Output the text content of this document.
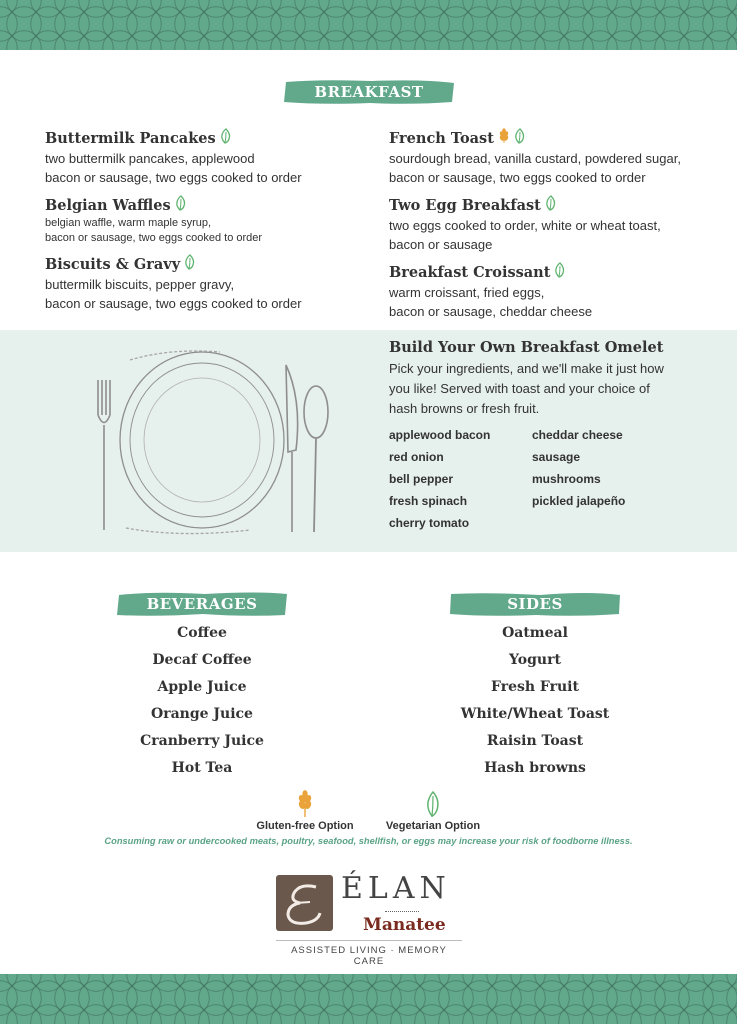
BREAKFAST
Buttermilk Pancakes
two buttermilk pancakes, applewood
bacon or sausage, two eggs cooked to order
Belgian Waffles
belgian waffle, warm maple syrup,
bacon or sausage, two eggs cooked to order
Biscuits & Gravy
buttermilk biscuits, pepper gravy,
bacon or sausage, two eggs cooked to order
French Toast
sourdough bread, vanilla custard, powdered sugar,
bacon or sausage, two eggs cooked to order
Two Egg Breakfast
two eggs cooked to order, white or wheat toast,
bacon or sausage
Breakfast Croissant
warm croissant, fried eggs,
bacon or sausage, cheddar cheese
Build Your Own Breakfast Omelet
Pick your ingredients, and we'll make it just how
you like! Served with toast and your choice of
hash browns or fresh fruit.
applewood bacon	cheddar cheese
red onion	sausage
bell pepper	mushrooms
fresh spinach	pickled jalapeño
cherry tomato
BEVERAGES
Coffee
Decaf Coffee
Apple Juice
Orange Juice
Cranberry Juice
Hot Tea
SIDES
Oatmeal
Yogurt
Fresh Fruit
White/Wheat Toast
Raisin Toast
Hash browns
Gluten-free Option	Vegetarian Option
Consuming raw or undercooked meats, poultry, seafood, shellfish, or eggs may increase your risk of foodborne illness.
ÉLAN
Manatee
ASSISTED LIVING · MEMORY CARE
